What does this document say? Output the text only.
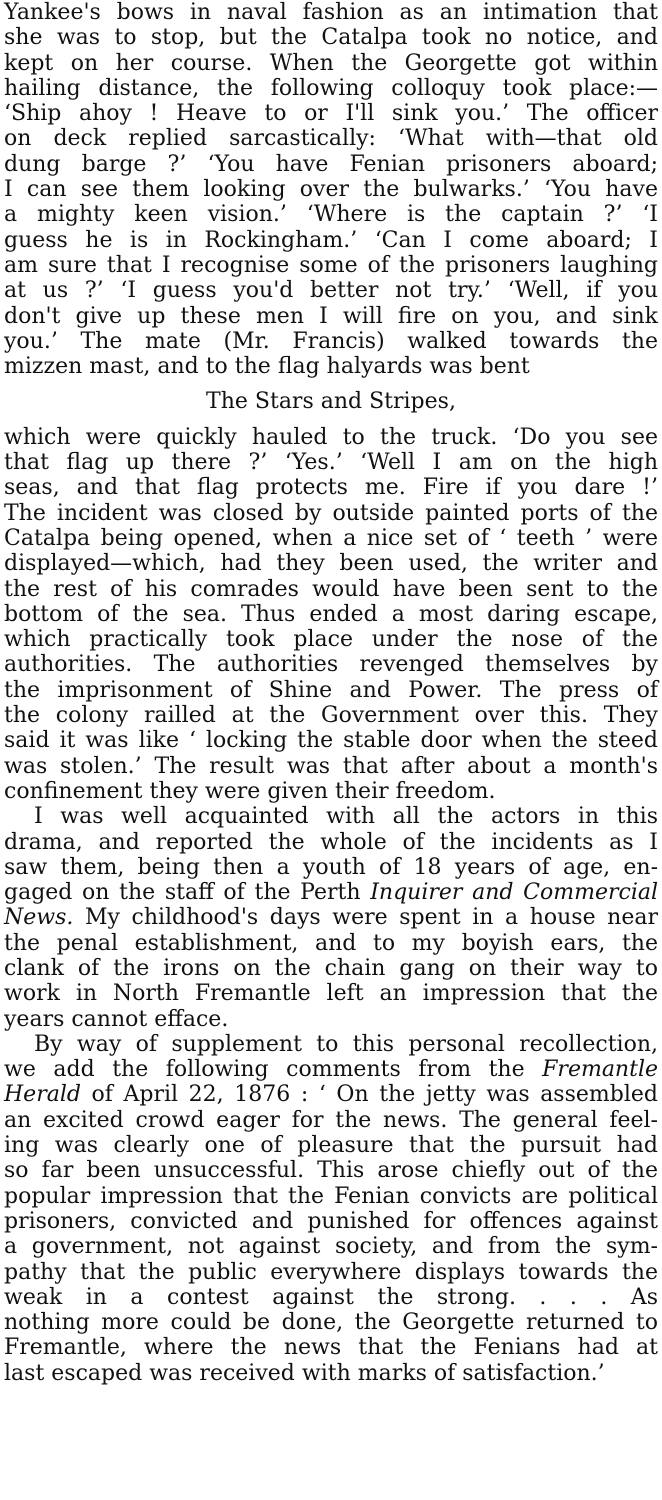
Yankee's bows in naval fashion as an intimation that
she was to stop, but the Catalpa took no notice, and
kept on her course. When the Georgette got within
hailing distance, the following colloquy took place:—
‘Ship ahoy ! Heave to or I'll sink you.’ The officer
on deck replied sarcastically: ‘What with—that old
dung barge ?’ ‘You have Fenian prisoners aboard;
I can see them looking over the bulwarks.’ ‘You have
a mighty keen vision.’ ‘Where is the captain ?’ ‘I
guess he is in Rockingham.’ ‘Can I come aboard; I
am sure that I recognise some of the prisoners laughing
at us ?’ ‘I guess you'd better not try.’ ‘Well, if you
don't give up these men I will fire on you, and sink
you.’ The mate (Mr. Francis) walked towards the
mizzen mast, and to the flag halyards was bent

The Stars and Stripes,

which were quickly hauled to the truck. ‘Do you see
that flag up there ?’ ‘Yes.’ ‘Well I am on the high
seas, and that flag protects me. Fire if you dare !’
The incident was closed by outside painted ports of the
Catalpa being opened, when a nice set of ‘ teeth ’ were
displayed—which, had they been used, the writer and
the rest of his comrades would have been sent to the
bottom of the sea. Thus ended a most daring escape,
which practically took place under the nose of the
authorities. The authorities revenged themselves by
the imprisonment of Shine and Power. The press of
the colony railled at the Government over this. They
said it was like ‘ locking the stable door when the steed
was stolen.’ The result was that after about a month's
confinement they were given their freedom.

I was well acquainted with all the actors in this
drama, and reported the whole of the incidents as I
saw them, being then a youth of 18 years of age, en-
gaged on the staff of the Perth Inquirer and Commercial
News. My childhood's days were spent in a house near
the penal establishment, and to my boyish ears, the
clank of the irons on the chain gang on their way to
work in North Fremantle left an impression that the
years cannot efface.

By way of supplement to this personal recollection,
we add the following comments from the Fremantle
Herald of April 22, 1876 : ‘ On the jetty was assembled
an excited crowd eager for the news. The general feel-
ing was clearly one of pleasure that the pursuit had
so far been unsuccessful. This arose chiefly out of the
popular impression that the Fenian convicts are political
prisoners, convicted and punished for offences against
a government, not against society, and from the sym-
pathy that the public everywhere displays towards the
weak in a contest against the strong. . . . As
nothing more could be done, the Georgette returned to
Fremantle, where the news that the Fenians had at
last escaped was received with marks of satisfaction.’
